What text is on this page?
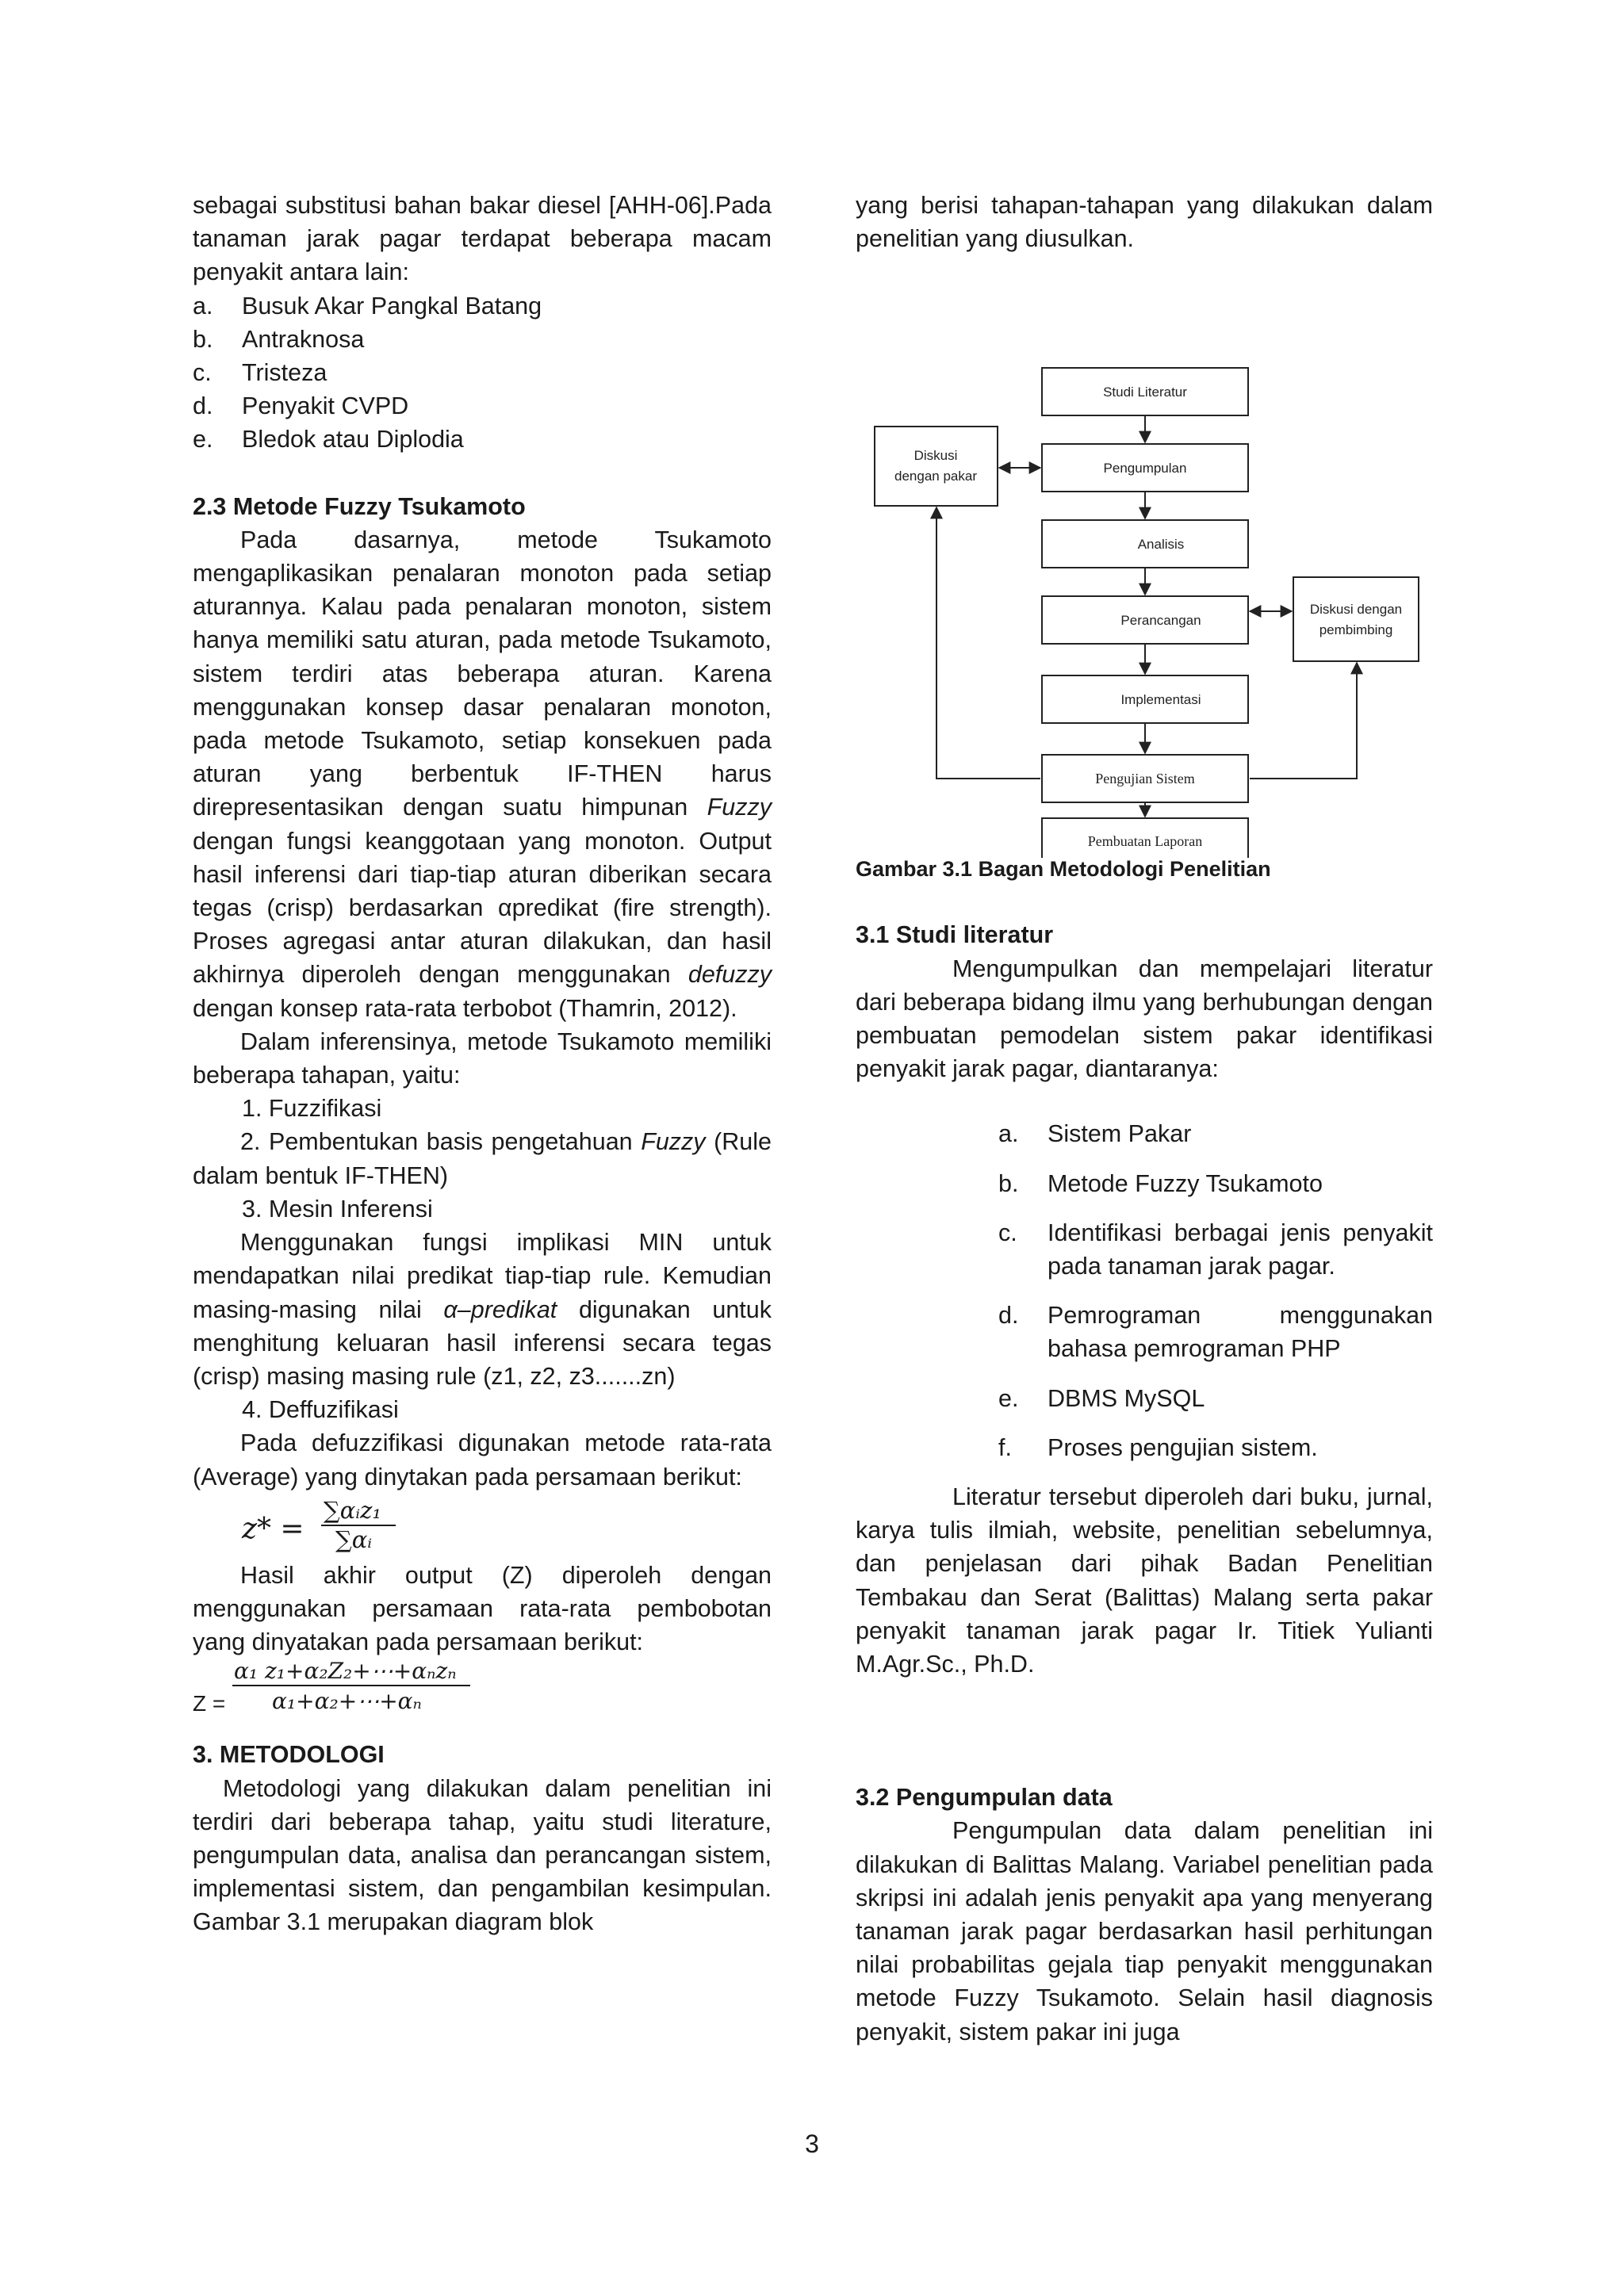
sebagai substitusi bahan bakar diesel [AHH-06].Pada tanaman jarak pagar terdapat beberapa macam penyakit antara lain:

a.	Busuk Akar Pangkal Batang
b.	Antraknosa
c.	Tristeza
d.	Penyakit CVPD
e.	Bledok atau Diplodia

2.3 Metode Fuzzy Tsukamoto

Pada dasarnya, metode Tsukamoto mengaplikasikan penalaran monoton pada setiap aturannya. Kalau pada penalaran monoton, sistem hanya memiliki satu aturan, pada metode Tsukamoto, sistem terdiri atas beberapa aturan. Karena menggunakan konsep dasar penalaran monoton, pada metode Tsukamoto, setiap konsekuen pada aturan yang berbentuk IF-THEN harus direpresentasikan dengan suatu himpunan Fuzzy dengan fungsi keanggotaan yang monoton. Output hasil inferensi dari tiap-tiap aturan diberikan secara tegas (crisp) berdasarkan αpredikat (fire strength). Proses agregasi antar aturan dilakukan, dan hasil akhirnya diperoleh dengan menggunakan defuzzy dengan konsep rata-rata terbobot (Thamrin, 2012).

Dalam inferensinya, metode Tsukamoto memiliki beberapa tahapan, yaitu:

1. Fuzzifikasi

2. Pembentukan basis pengetahuan Fuzzy (Rule dalam bentuk IF-THEN)

3. Mesin Inferensi

Menggunakan fungsi implikasi MIN untuk mendapatkan nilai predikat tiap-tiap rule. Kemudian masing-masing nilai α–predikat digunakan untuk menghitung keluaran hasil inferensi secara tegas (crisp) masing masing rule (z1, z2, z3.......zn)

4. Deffuzifikasi

Pada defuzzifikasi digunakan metode rata-rata (Average) yang dinytakan pada persamaan berikut:

z* =
∑αᵢz₁
∑αᵢ

Hasil akhir output (Z) diperoleh dengan menggunakan persamaan rata-rata pembobotan yang dinyatakan pada persamaan berikut:

α₁ z₁+α₂Z₂+⋯+αₙzₙ
Z = α₁+α₂+⋯+αₙ

3. METODOLOGI

Metodologi yang dilakukan dalam penelitian ini terdiri dari beberapa tahap, yaitu studi literature, pengumpulan data, analisa dan perancangan sistem, implementasi sistem, dan pengambilan kesimpulan. Gambar 3.1 merupakan diagram blok

yang berisi tahapan-tahapan yang dilakukan dalam penelitian yang diusulkan.

Studi Literatur
Pengumpulan
Analisis
Perancangan
Implementasi
Diskusi
dengan pakar
Diskusi dengan
pembimbing
Pengujian Sistem
Pembuatan Laporan

Gambar 3.1 Bagan Metodologi Penelitian

3.1 Studi literatur

Mengumpulkan dan mempelajari literatur dari beberapa bidang ilmu yang berhubungan dengan pembuatan pemodelan sistem pakar identifikasi penyakit jarak pagar, diantaranya:

a.	Sistem Pakar
b.	Metode Fuzzy Tsukamoto
c.	Identifikasi berbagai jenis penyakit pada tanaman jarak pagar.
d.	Pemrograman menggunakan bahasa pemrograman PHP
e.	DBMS MySQL
f.	Proses pengujian sistem.

Literatur tersebut diperoleh dari buku, jurnal, karya tulis ilmiah, website, penelitian sebelumnya, dan penjelasan dari pihak Badan Penelitian Tembakau dan Serat (Balittas) Malang serta pakar penyakit tanaman jarak pagar Ir. Titiek Yulianti M.Agr.Sc., Ph.D.

3.2 Pengumpulan data

Pengumpulan data dalam penelitian ini dilakukan di Balittas Malang. Variabel penelitian pada skripsi ini adalah jenis penyakit apa yang menyerang tanaman jarak pagar berdasarkan hasil perhitungan nilai probabilitas gejala tiap penyakit menggunakan metode Fuzzy Tsukamoto. Selain hasil diagnosis penyakit, sistem pakar ini juga

3
